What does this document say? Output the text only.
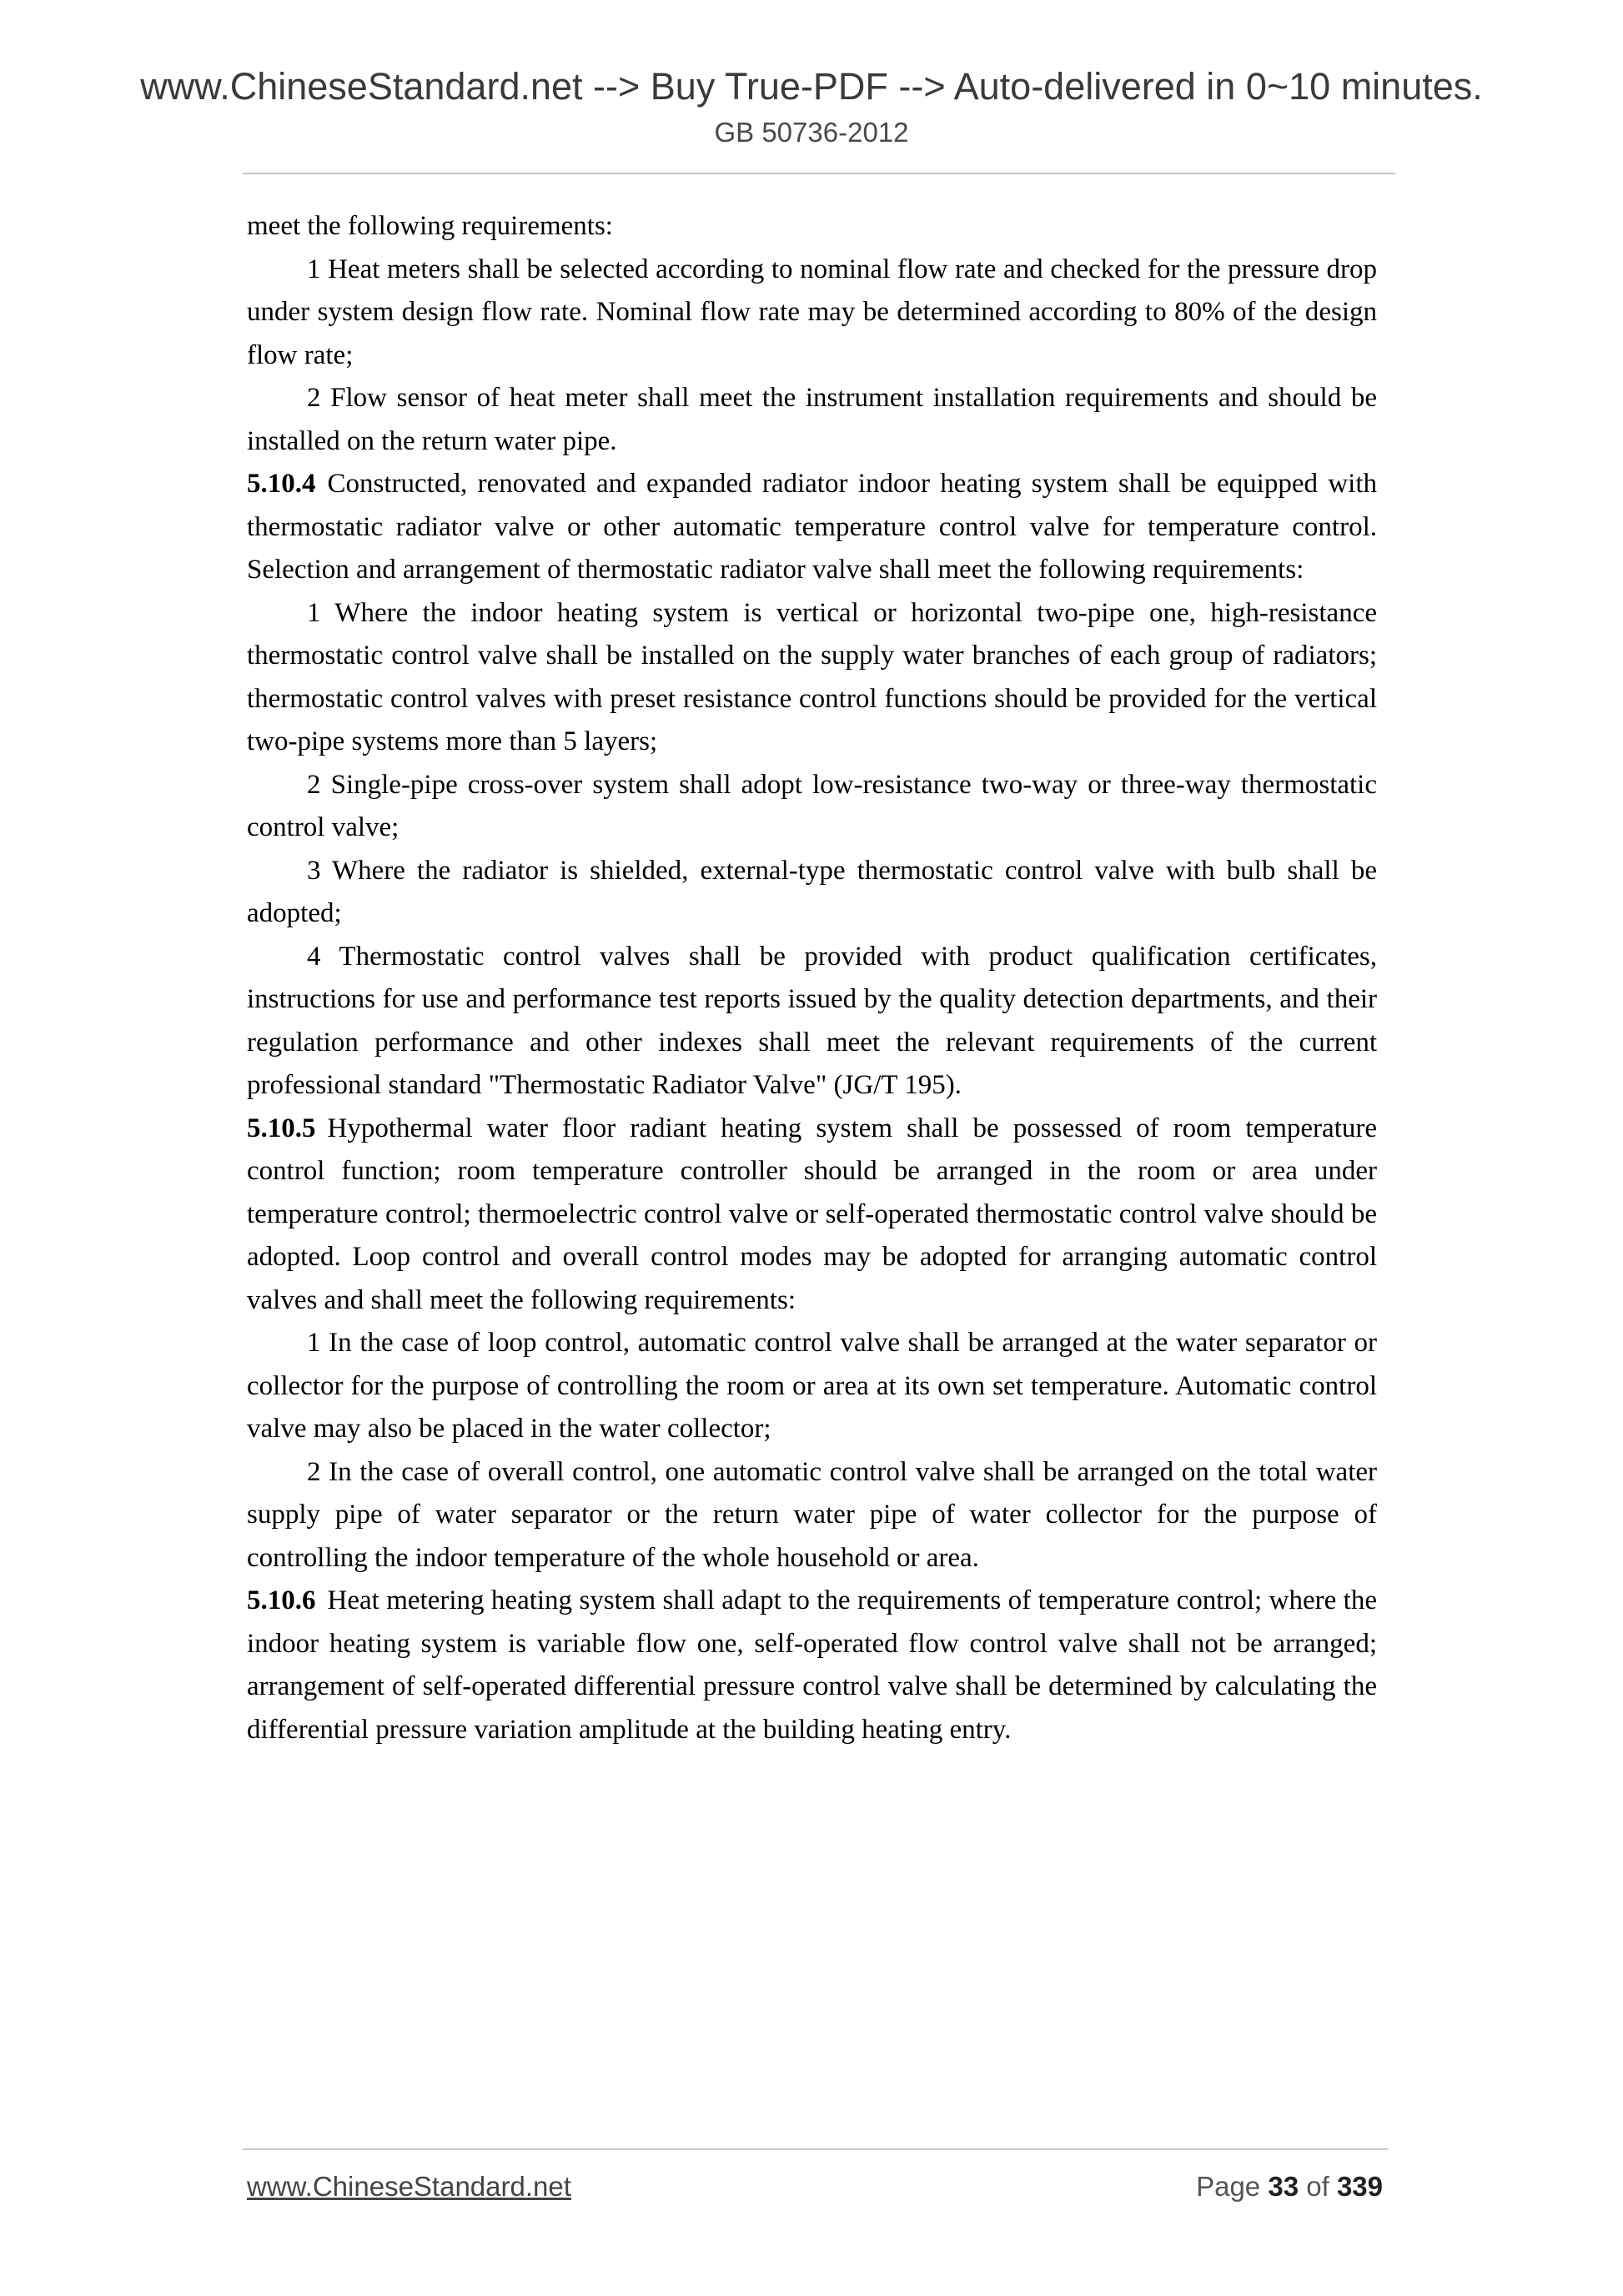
www.ChineseStandard.net --> Buy True-PDF --> Auto-delivered in 0~10 minutes.
GB 50736-2012

meet the following requirements:

1 Heat meters shall be selected according to nominal flow rate and checked for the pressure drop under system design flow rate. Nominal flow rate may be determined according to 80% of the design flow rate;

2 Flow sensor of heat meter shall meet the instrument installation requirements and should be installed on the return water pipe.

5.10.4 Constructed, renovated and expanded radiator indoor heating system shall be equipped with thermostatic radiator valve or other automatic temperature control valve for temperature control. Selection and arrangement of thermostatic radiator valve shall meet the following requirements:

1 Where the indoor heating system is vertical or horizontal two-pipe one, high-resistance thermostatic control valve shall be installed on the supply water branches of each group of radiators; thermostatic control valves with preset resistance control functions should be provided for the vertical two-pipe systems more than 5 layers;

2 Single-pipe cross-over system shall adopt low-resistance two-way or three-way thermostatic control valve;

3 Where the radiator is shielded, external-type thermostatic control valve with bulb shall be adopted;

4 Thermostatic control valves shall be provided with product qualification certificates, instructions for use and performance test reports issued by the quality detection departments, and their regulation performance and other indexes shall meet the relevant requirements of the current professional standard "Thermostatic Radiator Valve" (JG/T 195).

5.10.5 Hypothermal water floor radiant heating system shall be possessed of room temperature control function; room temperature controller should be arranged in the room or area under temperature control; thermoelectric control valve or self-operated thermostatic control valve should be adopted. Loop control and overall control modes may be adopted for arranging automatic control valves and shall meet the following requirements:

1 In the case of loop control, automatic control valve shall be arranged at the water separator or collector for the purpose of controlling the room or area at its own set temperature. Automatic control valve may also be placed in the water collector;

2 In the case of overall control, one automatic control valve shall be arranged on the total water supply pipe of water separator or the return water pipe of water collector for the purpose of controlling the indoor temperature of the whole household or area.

5.10.6 Heat metering heating system shall adapt to the requirements of temperature control; where the indoor heating system is variable flow one, self-operated flow control valve shall not be arranged; arrangement of self-operated differential pressure control valve shall be determined by calculating the differential pressure variation amplitude at the building heating entry.

www.ChineseStandard.net	Page 33 of 339
